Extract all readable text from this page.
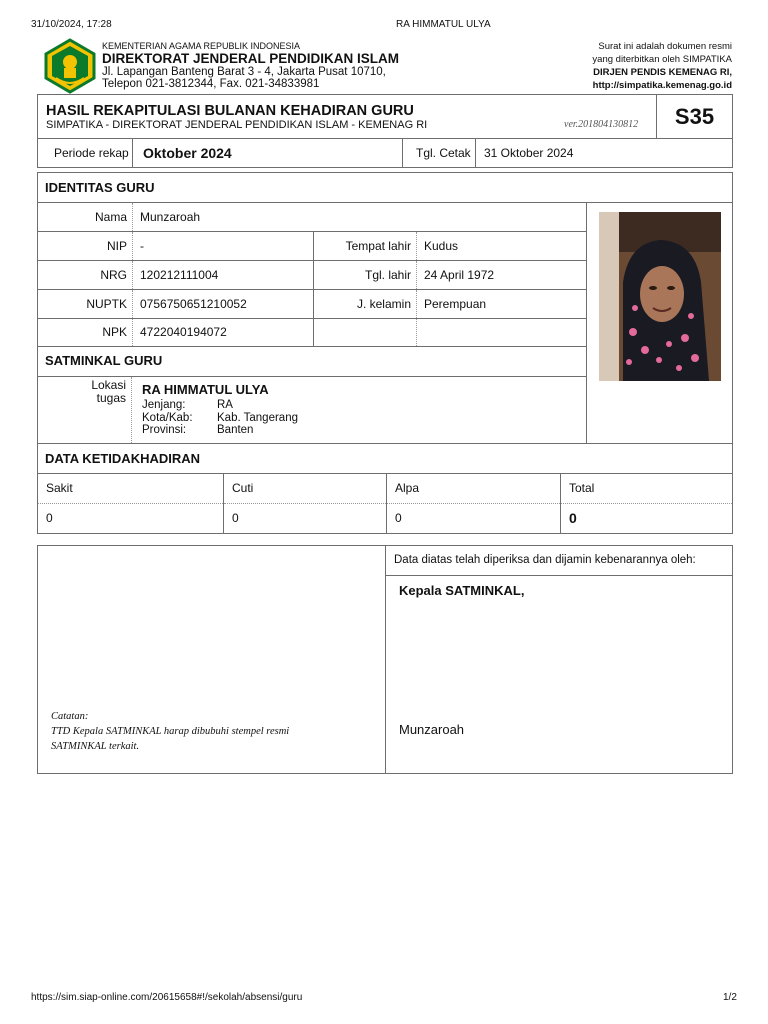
31/10/2024, 17:28	RA HIMMATUL ULYA
KEMENTERIAN AGAMA REPUBLIK INDONESIA
DIREKTORAT JENDERAL PENDIDIKAN ISLAM
Jl. Lapangan Banteng Barat 3 - 4, Jakarta Pusat 10710,
Telepon 021-3812344, Fax. 021-34833981
Surat ini adalah dokumen resmi
yang diterbitkan oleh SIMPATIKA
DIRJEN PENDIS KEMENAG RI,
http://simpatika.kemenag.go.id
HASIL REKAPITULASI BULANAN KEHADIRAN GURU
SIMPATIKA - DIREKTORAT JENDERAL PENDIDIKAN ISLAM - KEMENAG RI	ver.201804130812	S35
Periode rekap Oktober 2024	Tgl. Cetak 31 Oktober 2024
IDENTITAS GURU
Nama	Munzaroah		
NIP	-	Tempat lahir	Kudus
NRG	120212111004	Tgl. lahir	24 April 1972
NUPTK	0756750651210052	J. kelamin	Perempuan
NPK	4722040194072		
SATMINKAL GURU
Lokasi
tugas
RA HIMMATUL ULYA
Jenjang:	RA
Kota/Kab: Kab. Tangerang
Provinsi:	Banten
DATA KETIDAKHADIRAN
Sakit	Cuti	Alpa	Total
0	0	0	0
Catatan:
TTD Kepala SATMINKAL harap dibubuhi stempel resmi
SATMINKAL terkait.
Data diatas telah diperiksa dan dijamin kebenarannya oleh:
Kepala SATMINKAL,
Munzaroah
https://sim.siap-online.com/20615658#!/sekolah/absensi/guru	1/2
